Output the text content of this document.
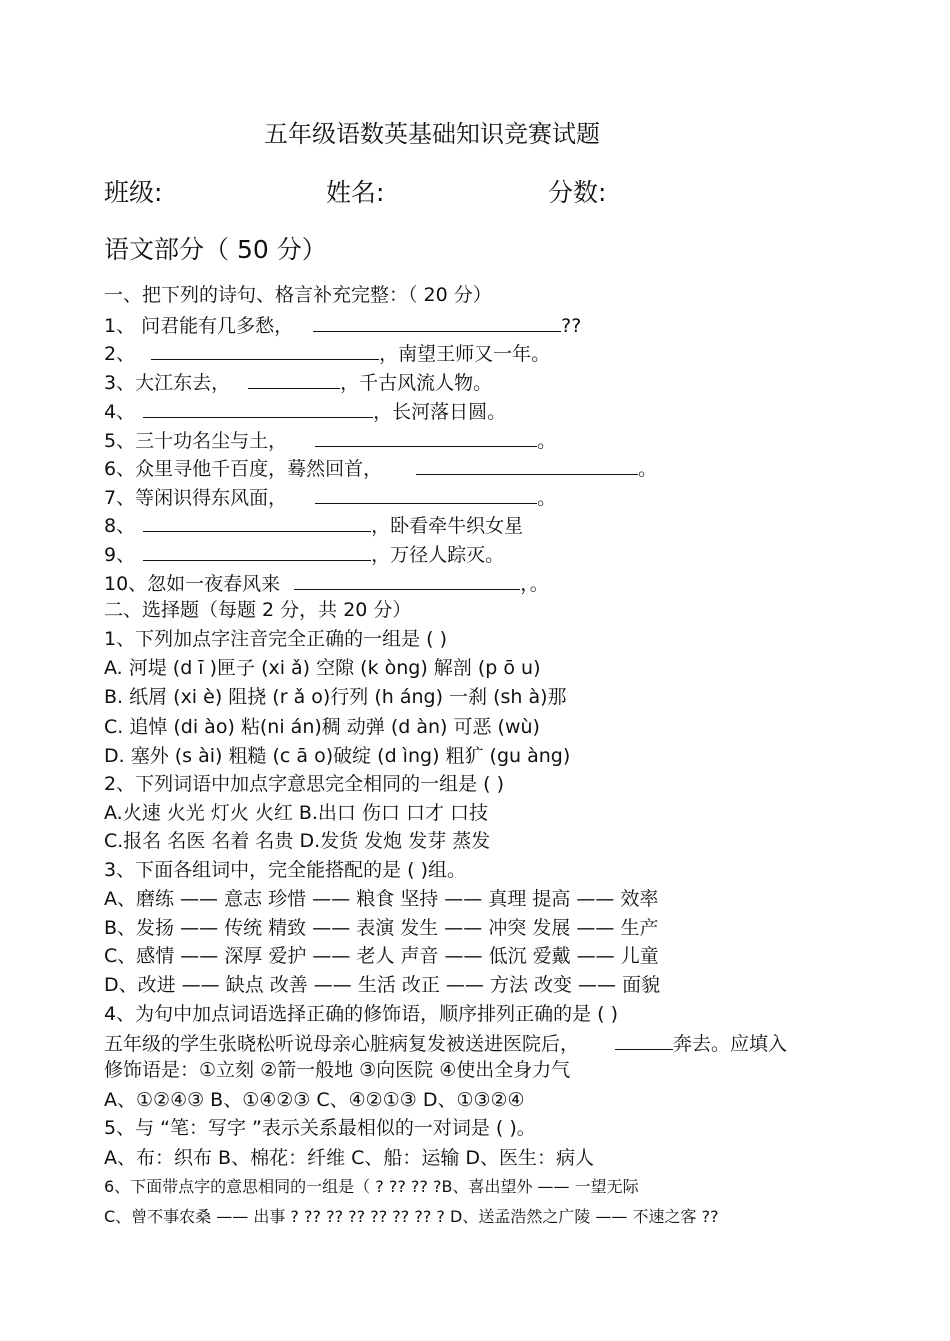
五年级语数英基础知识竞赛试题
班级:	姓名:	分数:
语文部分（ 50 分）
一、把下列的诗句、格言补充完整：（ 20 分）
1、 问君能有几多愁，	??
2、	，南望王师又一年。
3、大江东去，	，千古风流人物。
4、	，长河落日圆。
5、三十功名尘与土，	。
6、众里寻他千百度，蓦然回首，	。
7、等闲识得东风面，	。
8、	，卧看牵牛织女星
9、	，万径人踪灭。
10、忽如一夜春风来	，。
二、选择题（每题 2 分，共 20 分）
1、下列加点字注音完全正确的一组是 ( )
A. 河堤 (d ī )匣子 (xi ǎ) 空隙 (k òng) 解剖 (p ō u)
B. 纸屑 (xi è) 阻挠 (r ǎ o)行列 (h áng) 一刹 (sh à)那
C. 追悼 (di ào) 粘(ni án)稠 动弹 (d àn) 可恶 (wù)
D. 塞外 (s ài) 粗糙 (c ā o)破绽 (d ìng) 粗犷 (gu àng)
2、下列词语中加点字意思完全相同的一组是 ( )
A.火速 火光 灯火 火红 B.出口 伤口 口才 口技
C.报名 名医 名着 名贵 D.发货 发炮 发芽 蒸发
3、下面各组词中，完全能搭配的是 ( )组。
A、磨练 —— 意志 珍惜 —— 粮食 坚持 —— 真理 提高 —— 效率
B、发扬 —— 传统 精致 —— 表演 发生 —— 冲突 发展 —— 生产
C、感情 —— 深厚 爱护 —— 老人 声音 —— 低沉 爱戴 —— 儿童
D、改进 —— 缺点 改善 —— 生活 改正 —— 方法 改变 —— 面貌
4、为句中加点词语选择正确的修饰语，顺序排列正确的是 ( )
五年级的学生张晓松听说母亲心脏病复发被送进医院后，	奔去。应填入
修饰语是：①立刻 ②箭一般地 ③向医院 ④使出全身力气
A、①②④③ B、①④②③ C、④②①③ D、①③②④
5、与 “笔：写字 ”表示关系最相似的一对词是 ( )。
A、布：织布 B、棉花：纤维 C、船：运输 D、医生：病人
6、下面带点字的意思相同的一组是（ ? ?? ?? ?B、喜出望外 —— 一望无际
C、曾不事农桑 —— 出事 ? ?? ?? ?? ?? ?? ?? ? D、送孟浩然之广陵 —— 不速之客 ??
